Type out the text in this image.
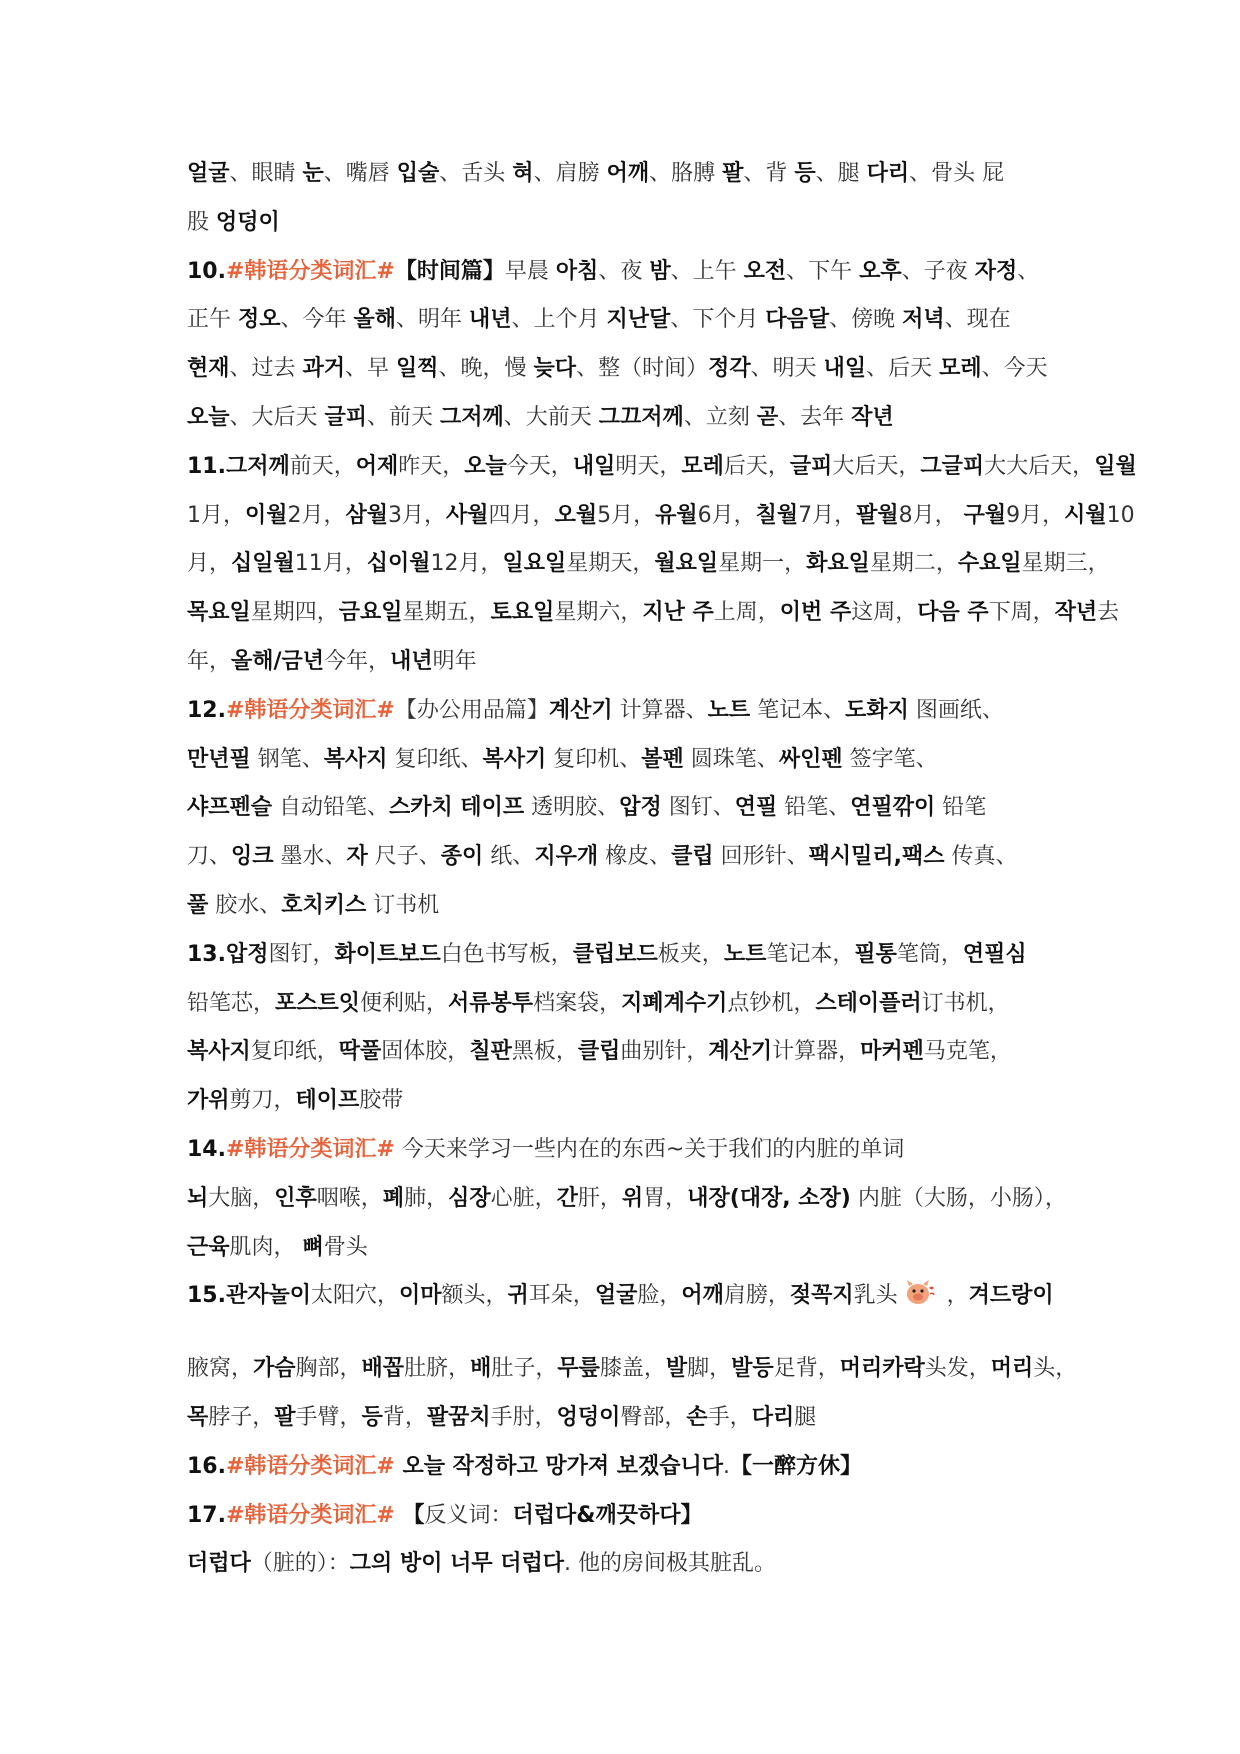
얼굴、眼睛 눈、嘴唇 입술、舌头 혀、肩膀 어깨、胳膊 팔、背 등、腿 다리、骨头 屁
股 엉덩이
10.#韩语分类词汇#【时间篇】早晨 아침、夜 밤、上午 오전、下午 오후、子夜 자정、
正午 정오、今年 올해、明年 내년、上个月 지난달、下个月 다음달、傍晚 저녁、现在
현재、过去 과거、早 일찍、晚，慢 늦다、整（时间）정각、明天 내일、后天 모레、今天
오늘、大后天 글피、前天 그저께、大前天 그끄저께、立刻 곧、去年 작년
11.그저께前天，어제昨天，오늘今天，내일明天，모레后天，글피大后天，그글피大大后天，일월
1月，이월2月，삼월3月，사월四月，오월5月，유월6月，칠월7月，팔월8月， 구월9月，시월10
月，십일월11月，십이월12月，일요일星期天，월요일星期一，화요일星期二，수요일星期三，
목요일星期四，금요일星期五，토요일星期六，지난 주上周，이번 주这周，다음 주下周，작년去
年，올해/금년今年，내년明年
12.#韩语分类词汇#【办公用品篇】계산기 计算器、노트 笔记本、도화지 图画纸、
만년필 钢笔、복사지 复印纸、복사기 复印机、볼펜 圆珠笔、싸인펜 签字笔、
샤프펜슬 自动铅笔、스카치 테이프 透明胶、압정 图钉、연필 铅笔、연필깎이 铅笔
刀、잉크 墨水、자 尺子、종이 纸、지우개 橡皮、클립 回形针、팩시밀리,팩스 传真、
풀 胶水、호치키스 订书机
13.압정图钉，화이트보드白色书写板，클립보드板夹，노트笔记本，필통笔筒，연필심
铅笔芯，포스트잇便利贴，서류봉투档案袋，지폐계수기点钞机，스테이플러订书机，
복사지复印纸，딱풀固体胶，칠판黑板，클립曲别针，계산기计算器，마커펜马克笔，
가위剪刀，테이프胶带
14.#韩语分类词汇# 今天来学习一些内在的东西~关于我们的内脏的单词
뇌大脑，인후咽喉，폐肺，심장心脏，간肝，위胃，내장(대장, 소장) 内脏（大肠，小肠），
근육肌肉， 뼈骨头
15.관자놀이太阳穴，이마额头，귀耳朵，얼굴脸，어깨肩膀，젖꼭지乳头 ，겨드랑이
腋窝，가슴胸部，배꼽肚脐，배肚子，무릎膝盖，발脚，발등足背，머리카락头发，머리头，
목脖子，팔手臂，등背，팔꿈치手肘，엉덩이臀部，손手，다리腿
16.#韩语分类词汇# 오늘 작정하고 망가져 보겠습니다.【一醉方休】
17.#韩语分类词汇# 【反义词：더럽다&깨끗하다】
더럽다（脏的）：그의 방이 너무 더럽다. 他的房间极其脏乱。
